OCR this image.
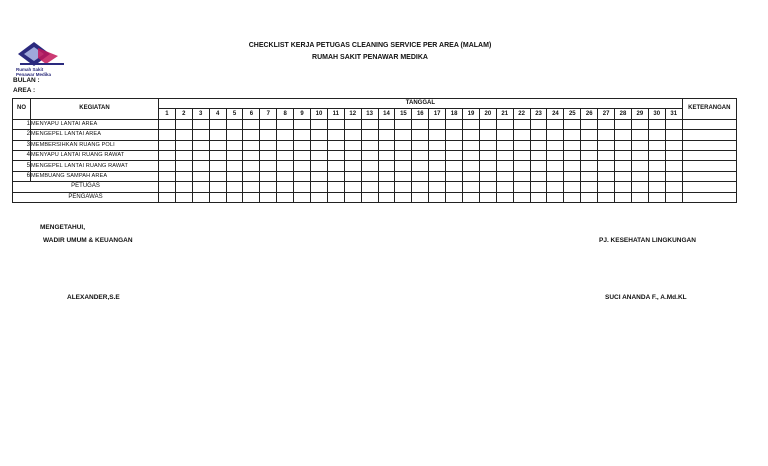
Rumah Sakit
Penawar Medika
CHECKLIST KERJA PETUGAS CLEANING SERVICE PER AREA (MALAM)
RUMAH SAKIT PENAWAR MEDIKA
BULAN :
AREA :
NO	KEGIATAN	TANGGAL																															KETERANGAN
		1	2	3	4	5	6	7	8	9	10	11	12	13	14	15	16	17	18	19	20	21	22	23	24	25	26	27	28	29	30	31	
1	MENYAPU LANTAI AREA																																
2	MENGEPEL LANTAI AREA																																
3	MEMBERSIHKAN RUANG POLI																																
4	MENYAPU LANTAI RUANG RAWAT																																
5	MENGEPEL LANTAI RUANG RAWAT																																
6	MEMBUANG SAMPAH AREA																																
PETUGAS																																	
PENGAWAS																																	
MENGETAHUI,
WADIR UMUM & KEUANGAN
ALEXANDER,S.E
PJ. KESEHATAN LINGKUNGAN
SUCI ANANDA F., A.Md.KL
